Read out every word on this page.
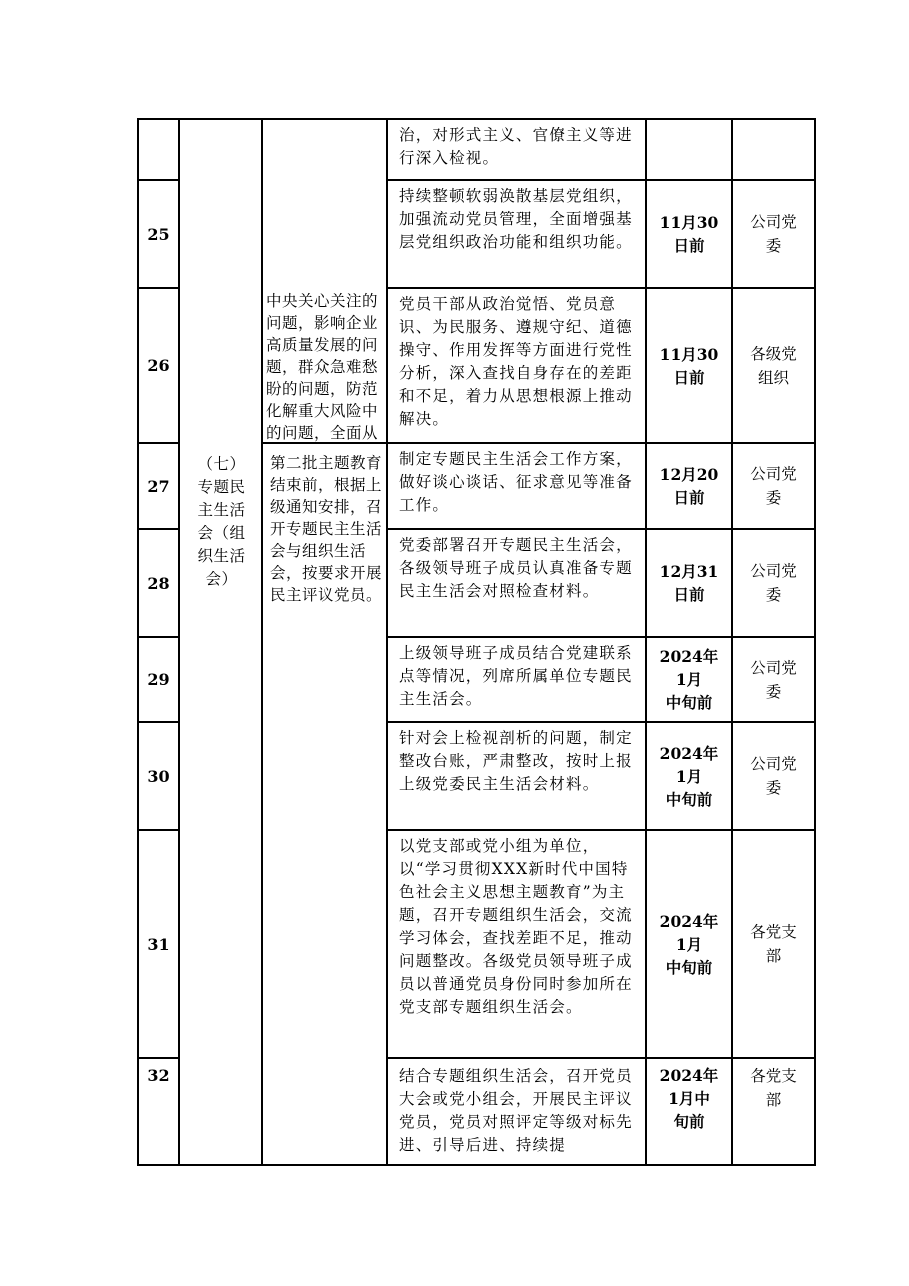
25
26
27
28
29
30
31
32
治，对形式主义、官僚主义等进行深入检视。
持续整顿软弱涣散基层党组织，加强流动党员管理，全面增强基层党组织政治功能和组织功能。
党员干部从政治觉悟、党员意识、为民服务、遵规守纪、道德操守、作用发挥等方面进行党性分析，深入查找自身存在的差距和不足，着力从思想根源上推动解决。
制定专题民主生活会工作方案，做好谈心谈话、征求意见等准备工作。
党委部署召开专题民主生活会，各级领导班子成员认真准备专题民主生活会对照检查材料。
上级领导班子成员结合党建联系点等情况，列席所属单位专题民主生活会。
针对会上检视剖析的问题，制定整改台账，严肃整改，按时上报上级党委民主生活会材料。
以党支部或党小组为单位，以“学习贯彻XXX新时代中国特色社会主义思想主题教育”为主题，召开专题组织生活会，交流学习体会，查找差距不足，推动问题整改。各级党员领导班子成员以普通党员身份同时参加所在党支部专题组织生活会。
结合专题组织生活会，召开党员大会或党小组会，开展民主评议党员，党员对照评定等级对标先进、引导后进、持续提
11月30
日前
11月30
日前
12月20
日前
12月31
日前
2024年
1月
中旬前
2024年
1月
中旬前
2024年
1月
中旬前
2024年
1月中
旬前
公司党
委
各级党
组织
公司党
委
公司党
委
公司党
委
公司党
委
各党支
部
各党支
部
中央关心关注的问题，影响企业高质量发展的问题，群众急难愁盼的问题，防范化解重大风险中的问题，全面从
（七）
专题民
主生活
会（组
织生活
会）
第二批主题教育结束前，根据上级通知安排，召开专题民主生活会与组织生活会，按要求开展民主评议党员。
